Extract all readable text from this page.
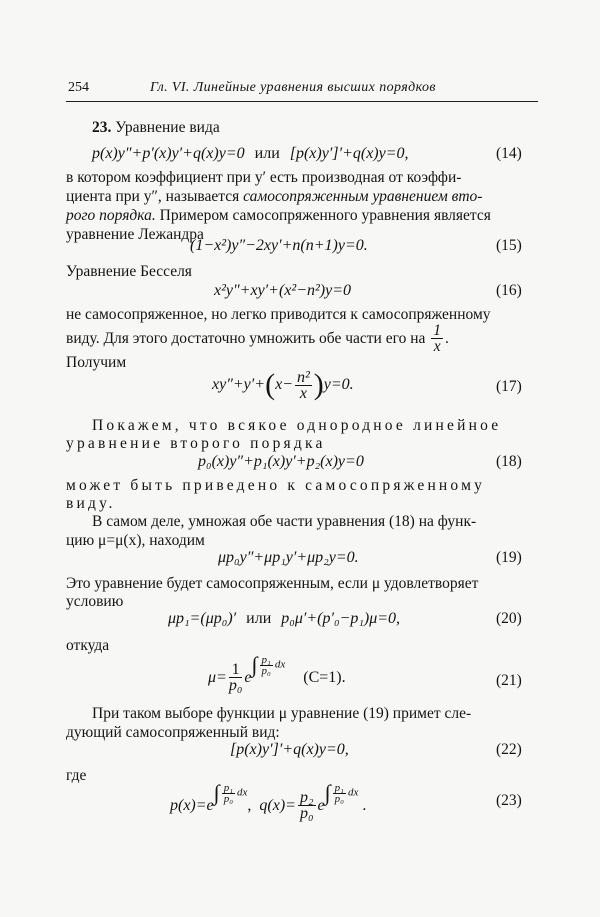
254	Гл. VI. Линейные уравнения высших порядков
23. Уравнение вида
p(x)y″+p′(x)y′+q(x)y=0 или [p(x)y′]′+q(x)y=0,	(14)
в котором коэффициент при y′ есть производная от коэффи-
циента при y″, называется самосопряженным уравнением вто-
рого порядка. Примером самосопряженного уравнения является
уравнение Лежандра
(1−x²)y″−2xy′+n(n+1)y=0.	(15)
Уравнение Бесселя
x²y″+xy′+(x²−n²)y=0	(16)
не самосопряженное, но легко приводится к самосопряженному
виду. Для этого достаточно умножить обе части его на $\frac{1}{x}$ .
Получим
$xy''+y'+(x- \frac{\text{n²}}{x} )y=0$.	(17)
Покажем, что всякое однородное линейное
уравнение второго порядка
p₀(x)y″+p₁(x)y′+p₂(x)y=0	(18)
может быть приведено к самосопряженному
виду.
В самом деле, умножая обе части уравнения (18) на функ-
цию μ=μ(x), находим
μp₀y″+μp₁y′+μp₂y=0.	(19)
Это уравнение будет самосопряженным, если μ удовлетворяет
условию
μp₁=(μp₀)′ или p₀μ′+(p′₀−p₁)μ=0,	(20)
откуда
$\mu= \frac{1}{\text{p₀}} e\int \frac{\text{p₁}}{\text{p₀}}$ dx (C=1).	(21)
При таком выборе функции μ уравнение (19) примет сле-
дующий самосопряженный вид:
[p(x)y′]′+q(x)y=0,	(22)
где
$p(x)=e\int \frac{\text{p₁}}{\text{p₀}}$ dx, $q(x)= \frac{\text{p₂}}{\text{p₀}} e\int \frac{\text{p₁}}{\text{p₀}}$ dx.	(23)
